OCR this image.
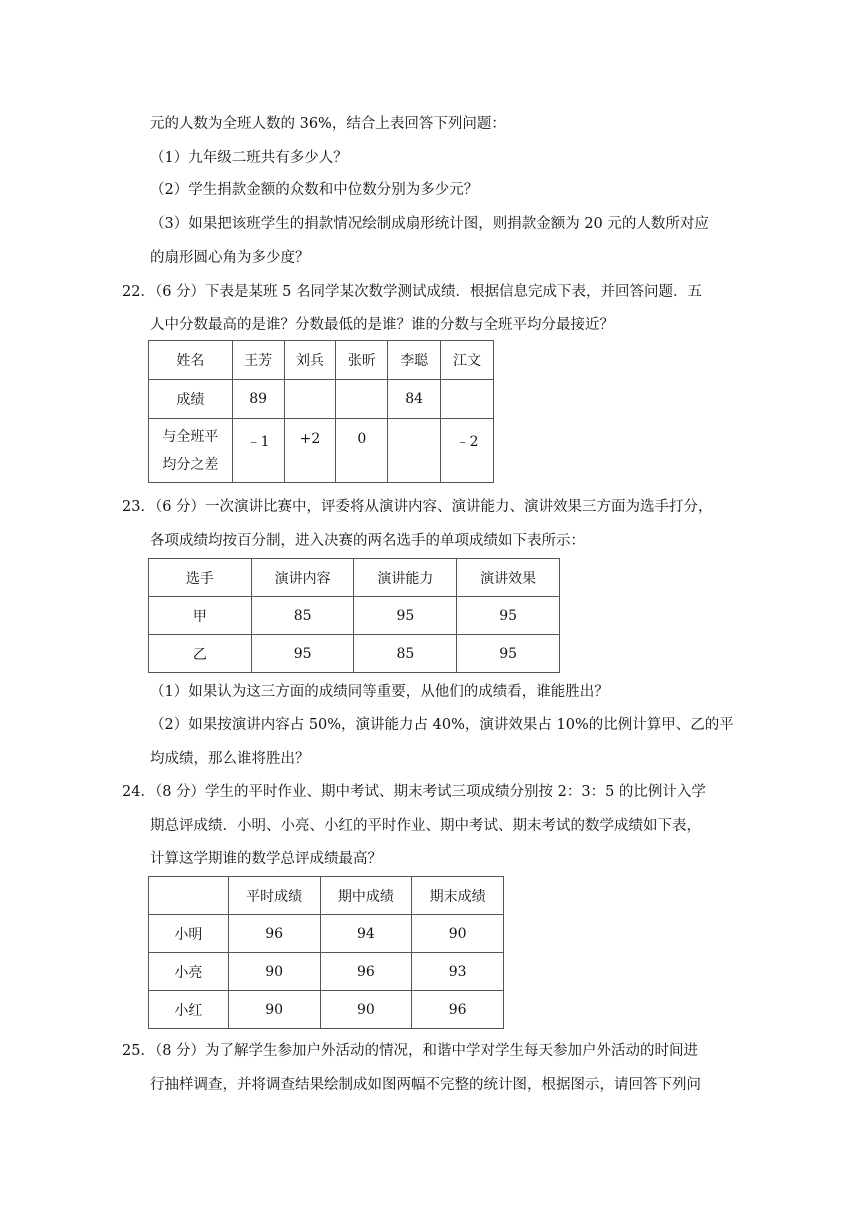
元的人数为全班人数的 36%，结合上表回答下列问题：
（1）九年级二班共有多少人？
（2）学生捐款金额的众数和中位数分别为多少元？
（3）如果把该班学生的捐款情况绘制成扇形统计图，则捐款金额为 20 元的人数所对应
的扇形圆心角为多少度？
22．（6 分）下表是某班 5 名同学某次数学测试成绩．根据信息完成下表，并回答问题．五
人中分数最高的是谁？分数最低的是谁？谁的分数与全班平均分最接近？
姓名	王芳	刘兵	张昕	李聪	江文
成绩	89			84	

与全班平
均分之差	﹣1	+2	0		﹣2
23．（6 分）一次演讲比赛中，评委将从演讲内容、演讲能力、演讲效果三方面为选手打分，
各项成绩均按百分制，进入决赛的两名选手的单项成绩如下表所示：
选手	演讲内容	演讲能力	演讲效果
甲	85	95	95
乙	95	85	95
（1）如果认为这三方面的成绩同等重要，从他们的成绩看，谁能胜出？
（2）如果按演讲内容占 50%，演讲能力占 40%，演讲效果占 10%的比例计算甲、乙的平
均成绩，那么谁将胜出？
24．（8 分）学生的平时作业、期中考试、期末考试三项成绩分别按 2：3：5 的比例计入学
期总评成绩．小明、小亮、小红的平时作业、期中考试、期末考试的数学成绩如下表，
计算这学期谁的数学总评成绩最高？
	平时成绩	期中成绩	期末成绩
小明	96	94	90
小亮	90	96	93
小红	90	90	96
25．（8 分）为了解学生参加户外活动的情况，和谐中学对学生每天参加户外活动的时间进
行抽样调查，并将调查结果绘制成如图两幅不完整的统计图，根据图示，请回答下列问
